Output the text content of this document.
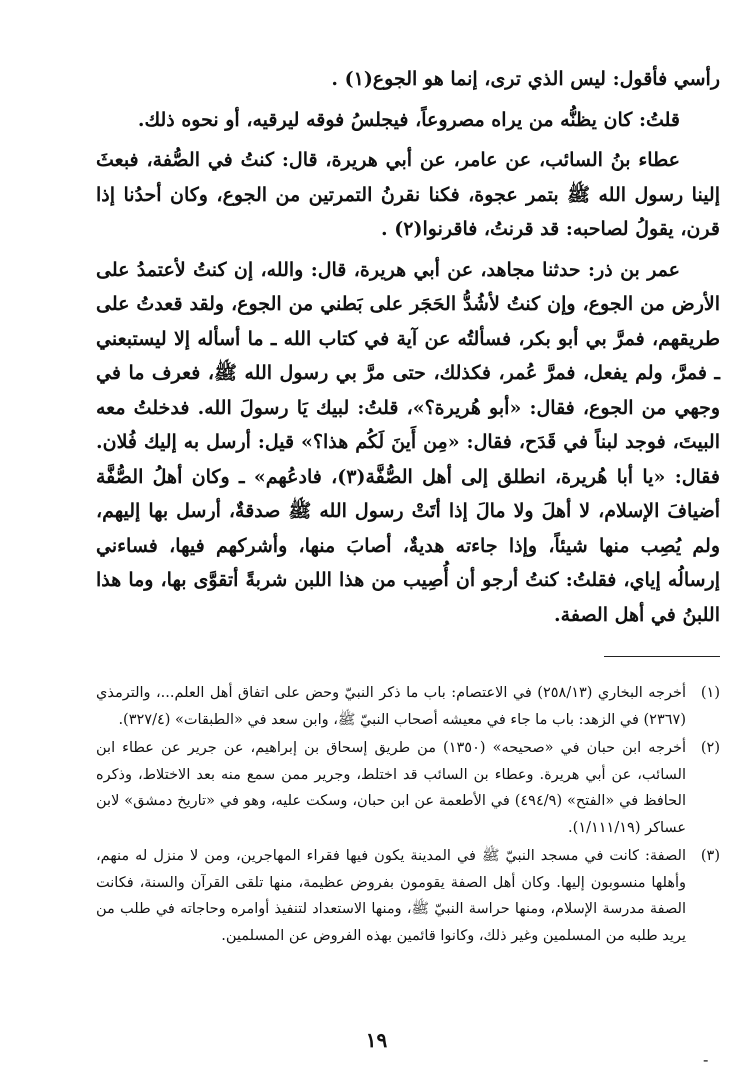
رأسي فأقول: ليس الذي ترى، إنما هو الجوع(١) .

قلتُ: كان يظنُّه من يراه مصروعاً، فيجلسُ فوقه ليرقيه، أو نحوه ذلك.

عطاء بنُ السائب، عن عامر، عن أبي هريرة، قال: كنتُ في الصُّفة، فبعثَ إلينا رسول الله ﷺ بتمر عجوة، فكنا نقرنُ التمرتين من الجوع، وكان أحدُنا إذا قرن، يقولُ لصاحبه: قد قرنتُ، فاقرنوا(٢) .

عمر بن ذر: حدثنا مجاهد، عن أبي هريرة، قال: والله، إن كنتُ لأعتمدُ على الأرض من الجوع، وإن كنتُ لأشُدُّ الحَجَر على بَطني من الجوع، ولقد قعدتُ على طريقهم، فمرَّ بي أبو بكر، فسألتُه عن آية في كتاب الله ـ ما أسأله إلا ليستبعني ـ فمرَّ، ولم يفعل، فمرَّ عُمر، فكذلك، حتى مرَّ بي رسول الله ﷺ، فعرف ما في وجهي من الجوع، فقال: «أبو هُريرة؟»، قلتُ: لبيك يَا رسولَ الله. فدخلتُ معه البيتَ، فوجد لبناً في قَدَح، فقال: «مِن أَينَ لَكُم هذا؟» قيل: أرسل به إليك فُلان. فقال: «يا أبا هُريرة، انطلق إلى أهل الصُّفَّة(٣)، فادعُهم» ـ وكان أهلُ الصُّفَّة أضيافَ الإسلام، لا أهلَ ولا مالَ إذا أتَتْ رسول الله ﷺ صدقةٌ، أرسل بها إليهم، ولم يُصِب منها شيئاً، وإذا جاءته هديةٌ، أصابَ منها، وأشركهم فيها، فساءني إرسالُه إياي، فقلتُ: كنتُ أرجو أن أُصِيب من هذا اللبن شربةً أتقوَّى بها، وما هذا اللبنُ في أهل الصفة.

(١)
أخرجه البخاري (٢٥٨/١٣) في الاعتصام: باب ما ذكر النبيّ وحض على اتفاق أهل العلم...، والترمذي (٢٣٦٧) في الزهد: باب ما جاء في معيشه أصحاب النبيّ ﷺ، وابن سعد في «الطبقات» (٣٢٧/٤).
(٢)
أخرجه ابن حبان في «صحيحه» (١٣٥٠) من طريق إسحاق بن إبراهيم، عن جرير عن عطاء ابن السائب، عن أبي هريرة. وعطاء بن السائب قد اختلط، وجرير ممن سمع منه بعد الاختلاط، وذكره الحافظ في «الفتح» (٤٩٤/٩) في الأطعمة عن ابن حبان، وسكت عليه، وهو في «تاريخ دمشق» لابن عساكر (١/١١١/١٩).
(٣)
الصفة: كانت في مسجد النبيّ ﷺ في المدينة يكون فيها فقراء المهاجرين، ومن لا منزل له منهم، وأهلها منسوبون إليها. وكان أهل الصفة يقومون بفروض عظيمة، منها تلقى القرآن والسنة، فكانت الصفة مدرسة الإسلام، ومنها حراسة النبيّ ﷺ، ومنها الاستعداد لتنفيذ أوامره وحاجاته في طلب من يريد طلبه من المسلمين وغير ذلك، وكانوا قائمين بهذه الفروض عن المسلمين.
١٩
-
